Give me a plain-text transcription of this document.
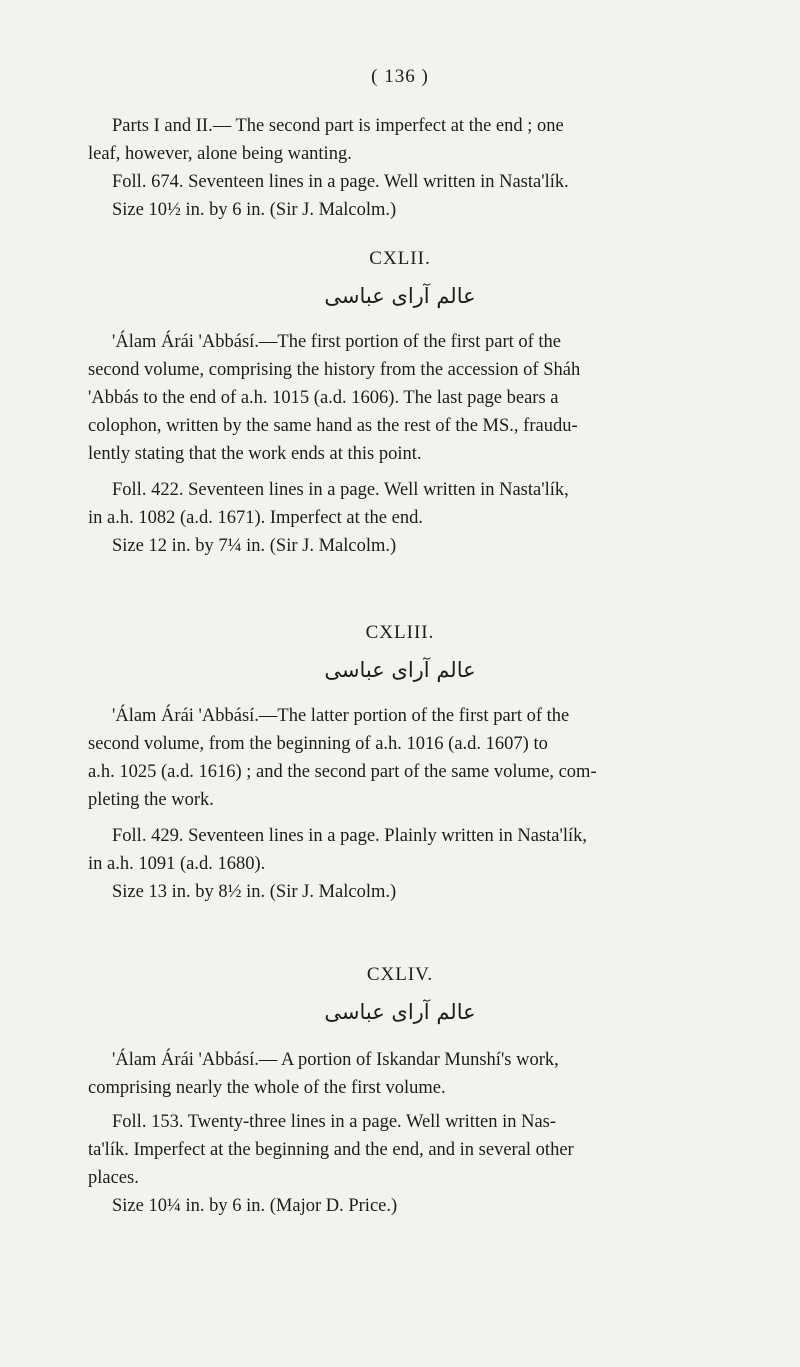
( 136 )

Parts I and II.— The second part is imperfect at the end ; one
leaf, however, alone being wanting.

Foll. 674. Seventeen lines in a page. Well written in Nasta'lík.
Size 10½ in. by 6 in. (Sir J. Malcolm.)

CXLII.
عالم آرای عباسی

'Álam Árái 'Abbásí.—The first portion of the first part of the
second volume, comprising the history from the accession of Sháh
'Abbás to the end of a.h. 1015 (a.d. 1606). The last page bears a
colophon, written by the same hand as the rest of the MS., fraudu-
lently stating that the work ends at this point.

Foll. 422. Seventeen lines in a page. Well written in Nasta'lík,
in a.h. 1082 (a.d. 1671). Imperfect at the end.
Size 12 in. by 7¼ in. (Sir J. Malcolm.)

CXLIII.
عالم آرای عباسی

'Álam Árái 'Abbásí.—The latter portion of the first part of the
second volume, from the beginning of a.h. 1016 (a.d. 1607) to
a.h. 1025 (a.d. 1616) ; and the second part of the same volume, com-
pleting the work.

Foll. 429. Seventeen lines in a page. Plainly written in Nasta'lík,
in a.h. 1091 (a.d. 1680).
Size 13 in. by 8½ in. (Sir J. Malcolm.)

CXLIV.
عالم آرای عباسی

'Álam Árái 'Abbásí.— A portion of Iskandar Munshí's work,
comprising nearly the whole of the first volume.

Foll. 153. Twenty-three lines in a page. Well written in Nas-
ta'lík. Imperfect at the beginning and the end, and in several other
places.
Size 10¼ in. by 6 in. (Major D. Price.)
